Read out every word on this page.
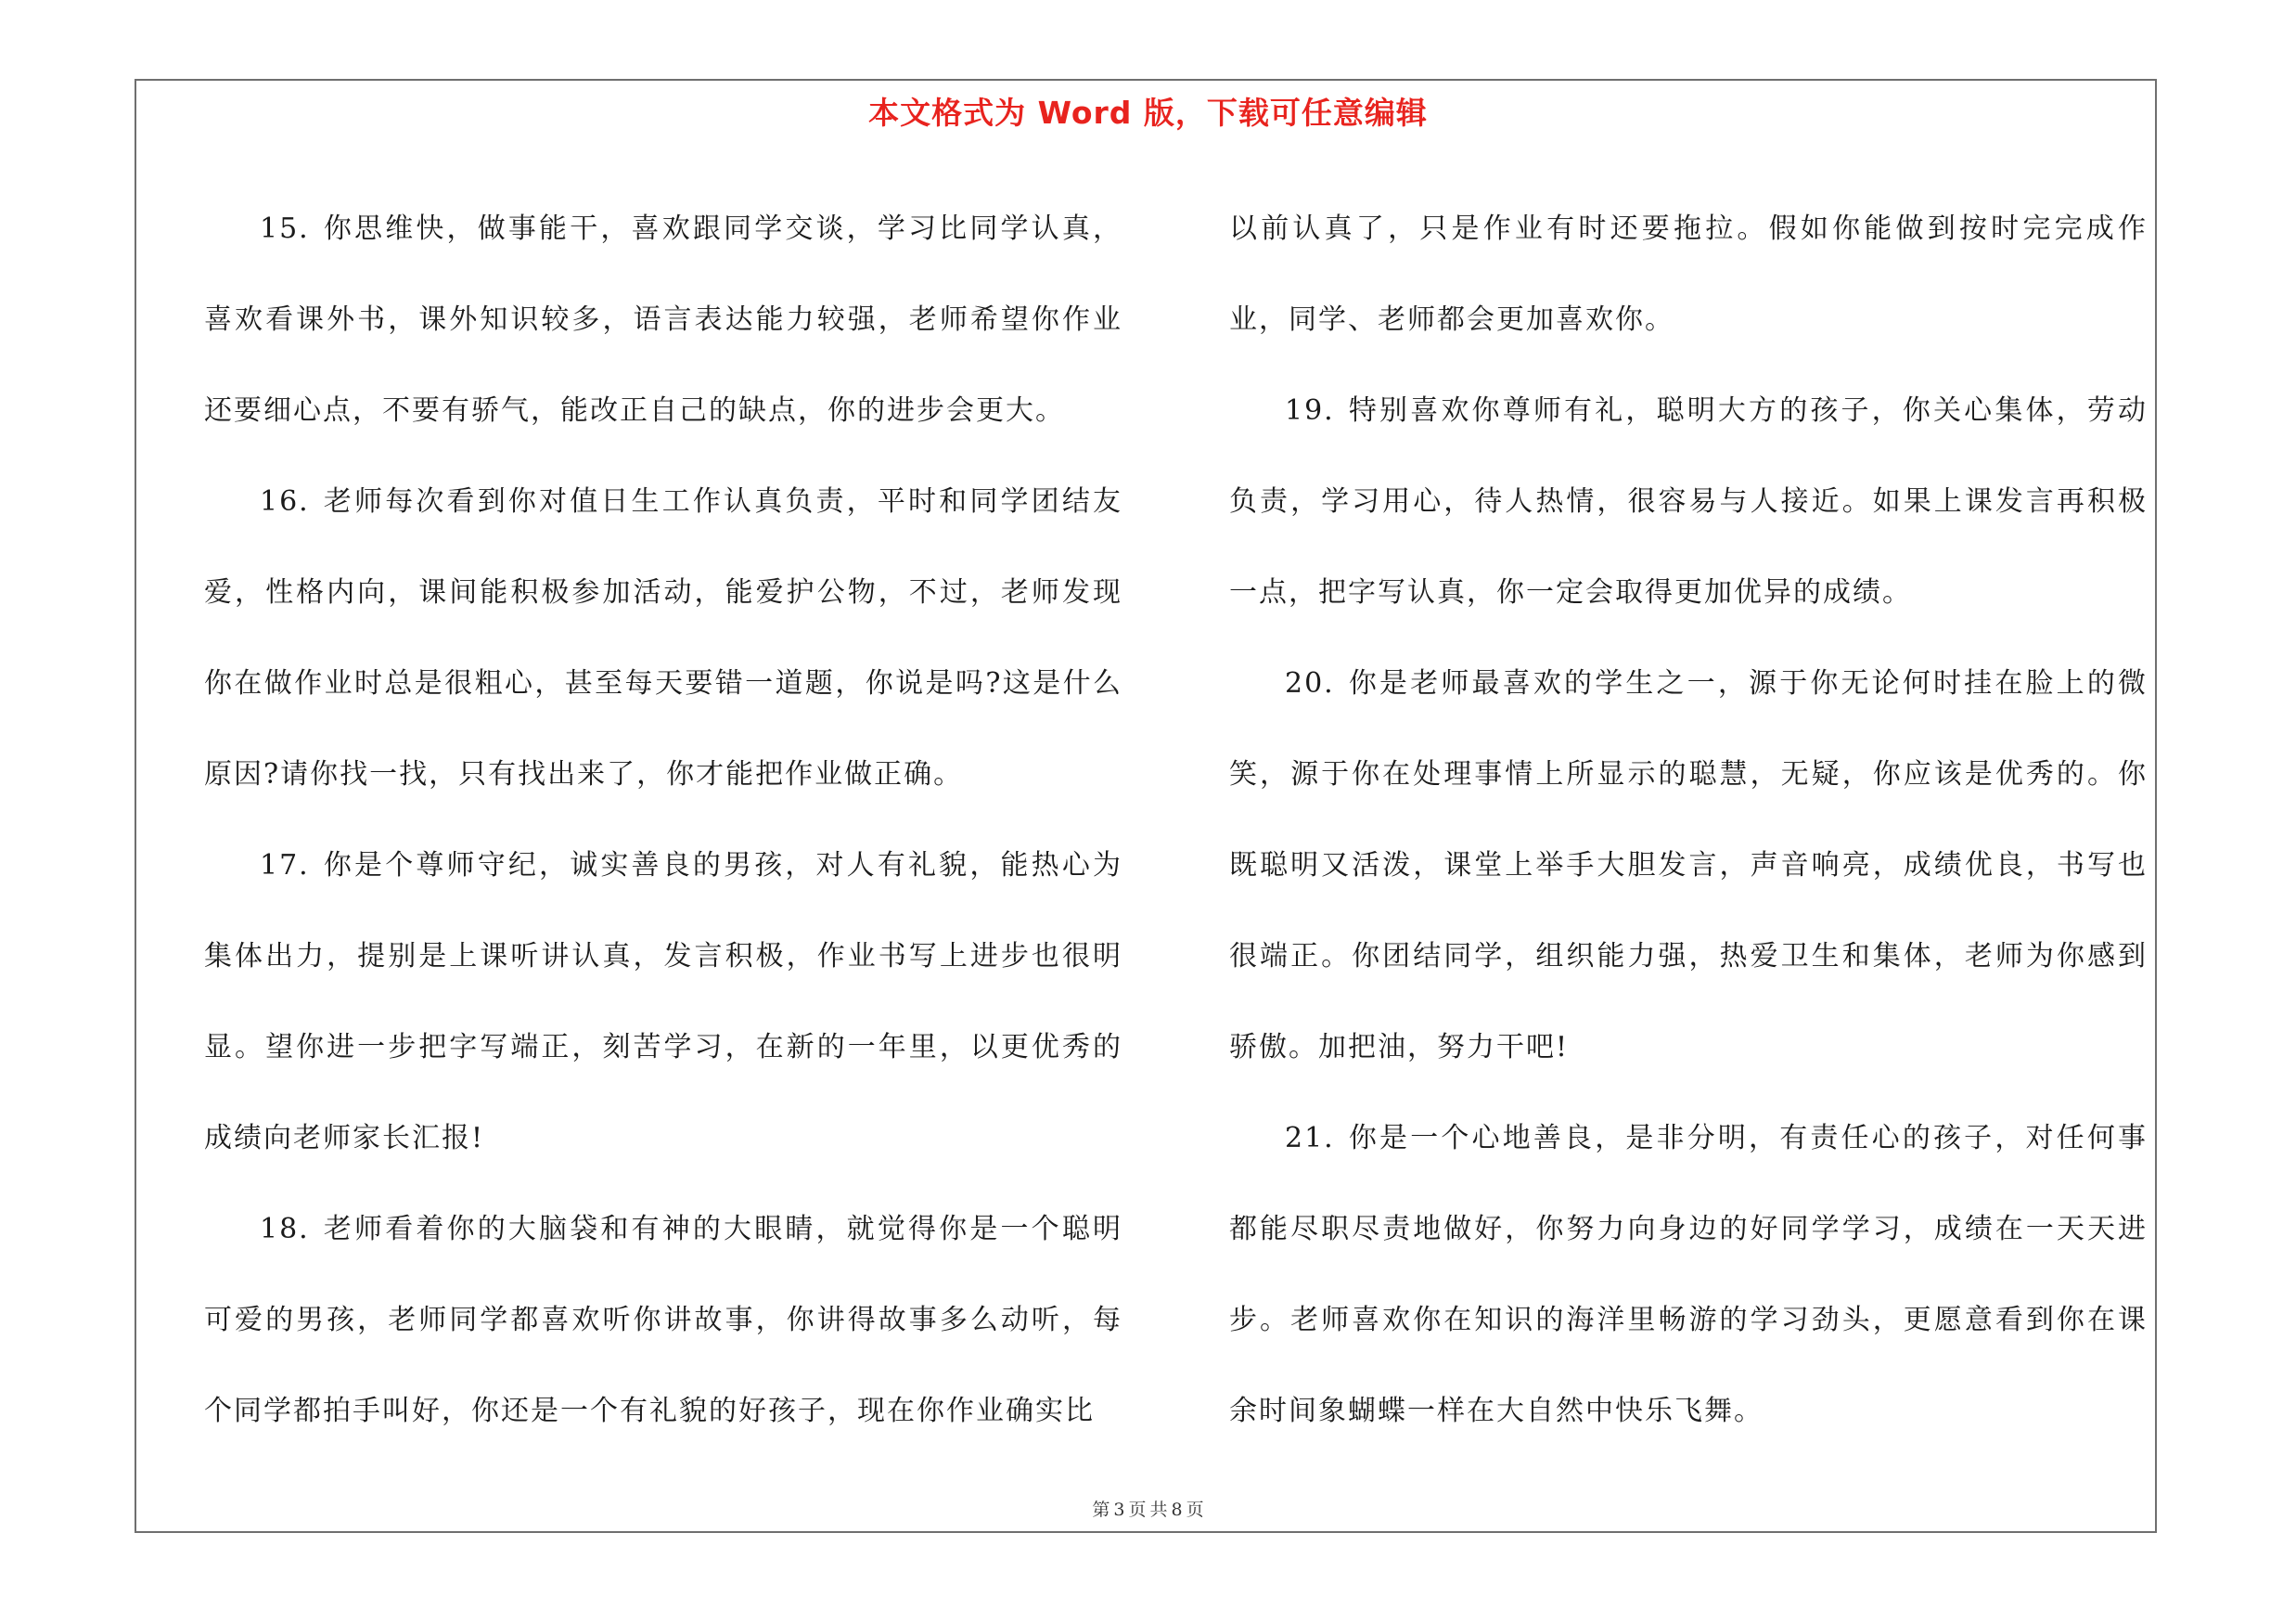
本文格式为 Word 版，下载可任意编辑

15. 你思维快，做事能干，喜欢跟同学交谈，学习比同学认真，喜欢看课外书，课外知识较多，语言表达能力较强，老师希望你作业还要细心点，不要有骄气，能改正自己的缺点，你的进步会更大。

16. 老师每次看到你对值日生工作认真负责，平时和同学团结友爱，性格内向，课间能积极参加活动，能爱护公物，不过，老师发现你在做作业时总是很粗心，甚至每天要错一道题，你说是吗?这是什么原因?请你找一找，只有找出来了，你才能把作业做正确。

17. 你是个尊师守纪，诚实善良的男孩，对人有礼貌，能热心为集体出力，提别是上课听讲认真，发言积极，作业书写上进步也很明显。望你进一步把字写端正，刻苦学习，在新的一年里，以更优秀的成绩向老师家长汇报!

18. 老师看着你的大脑袋和有神的大眼睛，就觉得你是一个聪明可爱的男孩，老师同学都喜欢听你讲故事，你讲得故事多么动听，每个同学都拍手叫好，你还是一个有礼貌的好孩子，现在你作业确实比

以前认真了，只是作业有时还要拖拉。假如你能做到按时完完成作业，同学、老师都会更加喜欢你。

19. 特别喜欢你尊师有礼，聪明大方的孩子，你关心集体，劳动负责，学习用心，待人热情，很容易与人接近。如果上课发言再积极一点，把字写认真，你一定会取得更加优异的成绩。

20. 你是老师最喜欢的学生之一，源于你无论何时挂在脸上的微笑，源于你在处理事情上所显示的聪慧，无疑，你应该是优秀的。你既聪明又活泼，课堂上举手大胆发言，声音响亮，成绩优良，书写也很端正。你团结同学，组织能力强，热爱卫生和集体，老师为你感到骄傲。加把油，努力干吧!

21. 你是一个心地善良，是非分明，有责任心的孩子，对任何事都能尽职尽责地做好，你努力向身边的好同学学习，成绩在一天天进步。老师喜欢你在知识的海洋里畅游的学习劲头，更愿意看到你在课余时间象蝴蝶一样在大自然中快乐飞舞。

第 3 页 共 8 页
